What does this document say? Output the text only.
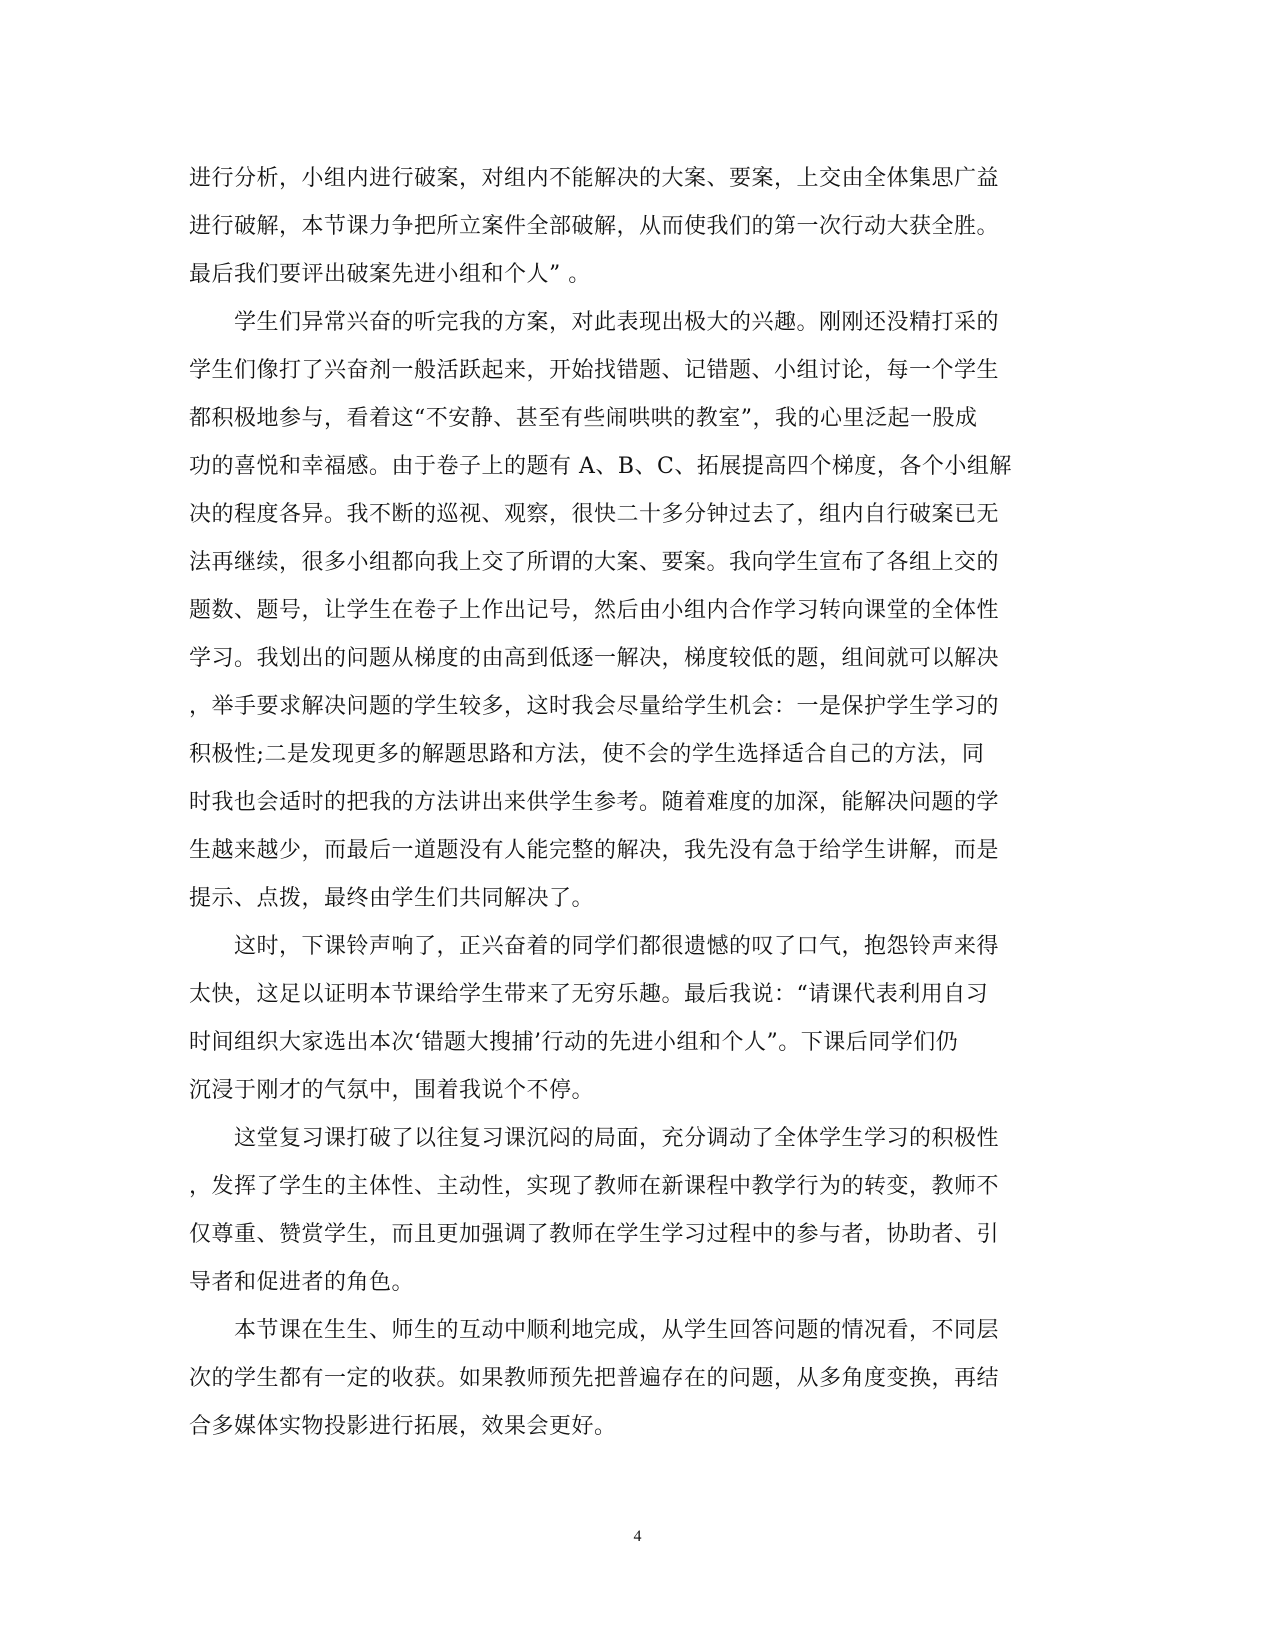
进行分析，小组内进行破案，对组内不能解决的大案、要案，上交由全体集思广益
进行破解，本节课力争把所立案件全部破解，从而使我们的第一次行动大获全胜。
最后我们要评出破案先进小组和个人” 。
　　学生们异常兴奋的听完我的方案，对此表现出极大的兴趣。刚刚还没精打采的
学生们像打了兴奋剂一般活跃起来，开始找错题、记错题、小组讨论，每一个学生
都积极地参与，看着这“不安静、甚至有些闹哄哄的教室”，我的心里泛起一股成
功的喜悦和幸福感。由于卷子上的题有 A、B、C、拓展提高四个梯度，各个小组解
决的程度各异。我不断的巡视、观察，很快二十多分钟过去了，组内自行破案已无
法再继续，很多小组都向我上交了所谓的大案、要案。我向学生宣布了各组上交的
题数、题号，让学生在卷子上作出记号，然后由小组内合作学习转向课堂的全体性
学习。我划出的问题从梯度的由高到低逐一解决，梯度较低的题，组间就可以解决
，举手要求解决问题的学生较多，这时我会尽量给学生机会：一是保护学生学习的
积极性;二是发现更多的解题思路和方法，使不会的学生选择适合自己的方法，同
时我也会适时的把我的方法讲出来供学生参考。随着难度的加深，能解决问题的学
生越来越少，而最后一道题没有人能完整的解决，我先没有急于给学生讲解，而是
提示、点拨，最终由学生们共同解决了。
　　这时，下课铃声响了，正兴奋着的同学们都很遗憾的叹了口气，抱怨铃声来得
太快，这足以证明本节课给学生带来了无穷乐趣。最后我说：“请课代表利用自习
时间组织大家选出本次‘错题大搜捕’行动的先进小组和个人”。下课后同学们仍
沉浸于刚才的气氛中，围着我说个不停。
　　这堂复习课打破了以往复习课沉闷的局面，充分调动了全体学生学习的积极性
，发挥了学生的主体性、主动性，实现了教师在新课程中教学行为的转变，教师不
仅尊重、赞赏学生，而且更加强调了教师在学生学习过程中的参与者，协助者、引
导者和促进者的角色。
　　本节课在生生、师生的互动中顺利地完成，从学生回答问题的情况看，不同层
次的学生都有一定的收获。如果教师预先把普遍存在的问题，从多角度变换，再结
合多媒体实物投影进行拓展，效果会更好。
4
